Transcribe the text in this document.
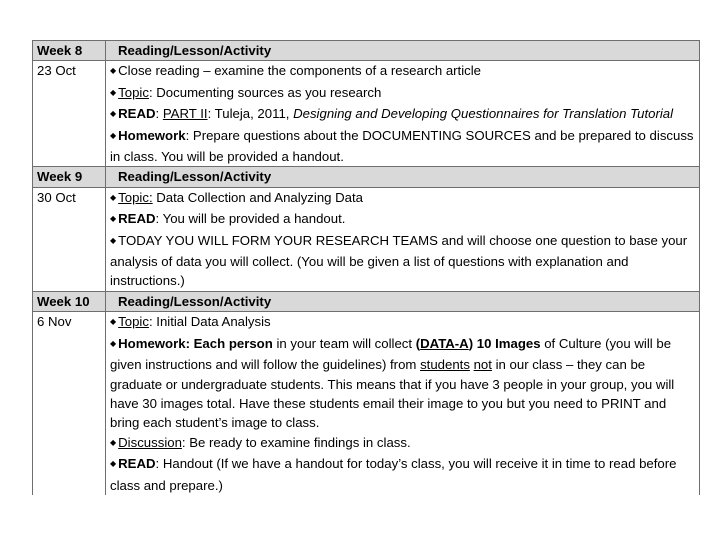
Week 8	Reading/Lesson/Activity
23 Oct	◆ Close reading – examine the components of a research article
◆ Topic: Documenting sources as you research
◆ READ: PART II: Tuleja, 2011, Designing and Developing Questionnaires for Translation Tutorial
◆ Homework: Prepare questions about the DOCUMENTING SOURCES and be prepared to discuss in class. You will be provided a handout.

Week 9	Reading/Lesson/Activity
30 Oct	◆ Topic: Data Collection and Analyzing Data
◆ READ: You will be provided a handout.
◆ TODAY YOU WILL FORM YOUR RESEARCH TEAMS and will choose one question to base your analysis of data you will collect. (You will be given a list of questions with explanation and instructions.)

Week 10	Reading/Lesson/Activity
6 Nov	◆ Topic: Initial Data Analysis
◆ Homework: Each person in your team will collect (DATA-A) 10 Images of Culture (you will be given instructions and will follow the guidelines) from students not in our class – they can be graduate or undergraduate students. This means that if you have 3 people in your group, you will have 30 images total. Have these students email their image to you but you need to PRINT and bring each student’s image to class.
◆ Discussion: Be ready to examine findings in class.
◆ READ: Handout (If we have a handout for today’s class, you will receive it in time to read before class and prepare.)
